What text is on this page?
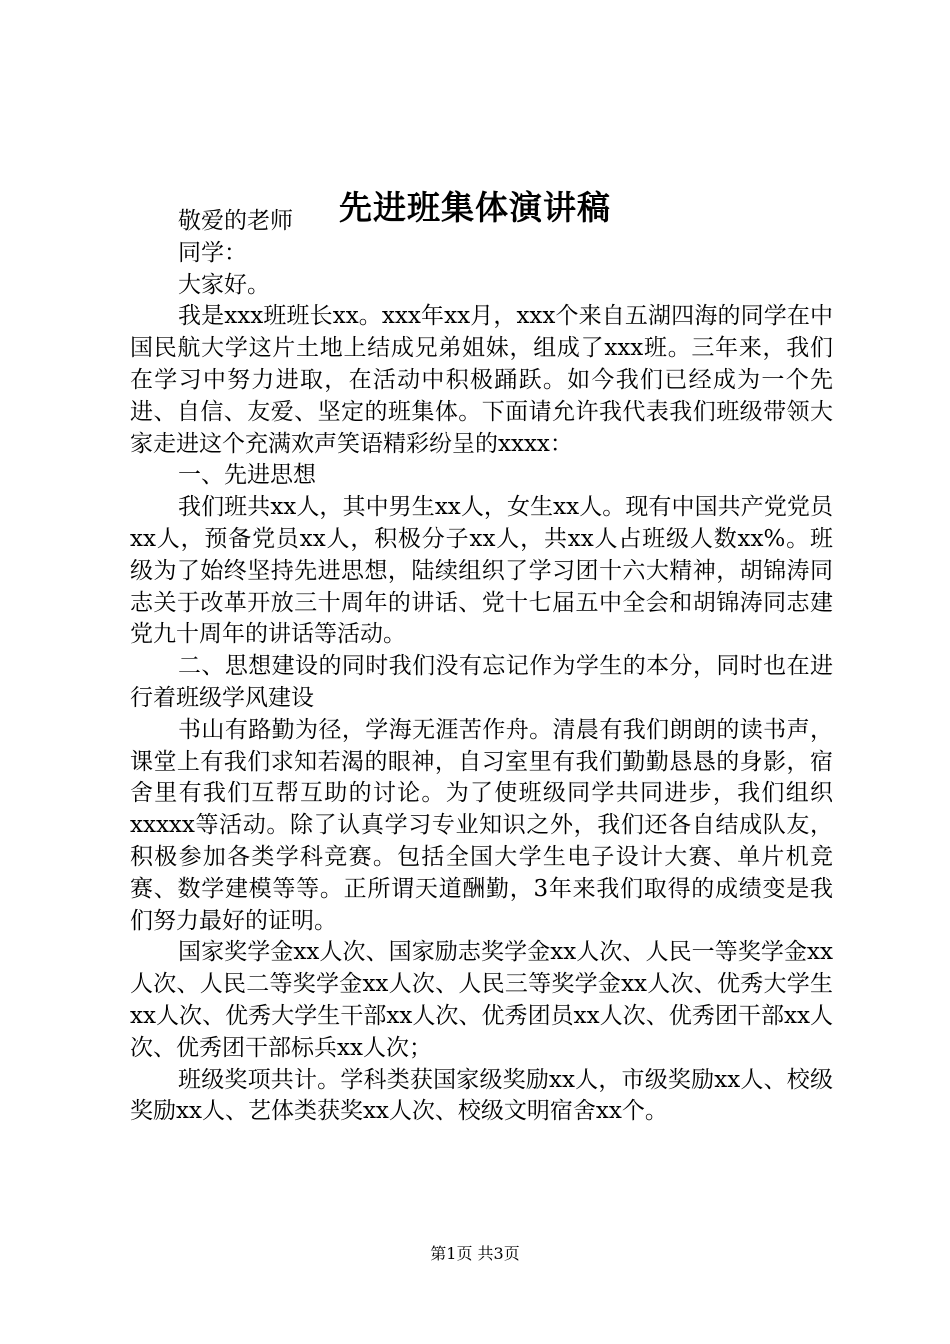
先进班集体演讲稿

敬爱的老师

同学：

大家好。

我是xxx班班长xx。xxx年xx月，xxx个来自五湖四海的同学在中国民航大学这片土地上结成兄弟姐妹，组成了xxx班。三年来，我们在学习中努力进取，在活动中积极踊跃。如今我们已经成为一个先进、自信、友爱、坚定的班集体。下面请允许我代表我们班级带领大家走进这个充满欢声笑语精彩纷呈的xxxx：

一、先进思想

我们班共xx人，其中男生xx人，女生xx人。现有中国共产党党员xx人，预备党员xx人，积极分子xx人，共xx人占班级人数xx%。班级为了始终坚持先进思想，陆续组织了学习团十六大精神，胡锦涛同志关于改革开放三十周年的讲话、党十七届五中全会和胡锦涛同志建党九十周年的讲话等活动。

二、思想建设的同时我们没有忘记作为学生的本分，同时也在进行着班级学风建设

书山有路勤为径，学海无涯苦作舟。清晨有我们朗朗的读书声，课堂上有我们求知若渴的眼神，自习室里有我们勤勤恳恳的身影，宿舍里有我们互帮互助的讨论。为了使班级同学共同进步，我们组织xxxxx等活动。除了认真学习专业知识之外，我们还各自结成队友，积极参加各类学科竞赛。包括全国大学生电子设计大赛、单片机竞赛、数学建模等等。正所谓天道酬勤，3年来我们取得的成绩变是我们努力最好的证明。

国家奖学金xx人次、国家励志奖学金xx人次、人民一等奖学金xx人次、人民二等奖学金xx人次、人民三等奖学金xx人次、优秀大学生xx人次、优秀大学生干部xx人次、优秀团员xx人次、优秀团干部xx人次、优秀团干部标兵xx人次；

班级奖项共计。学科类获国家级奖励xx人，市级奖励xx人、校级奖励xx人、艺体类获奖xx人次、校级文明宿舍xx个。

第1页 共3页
